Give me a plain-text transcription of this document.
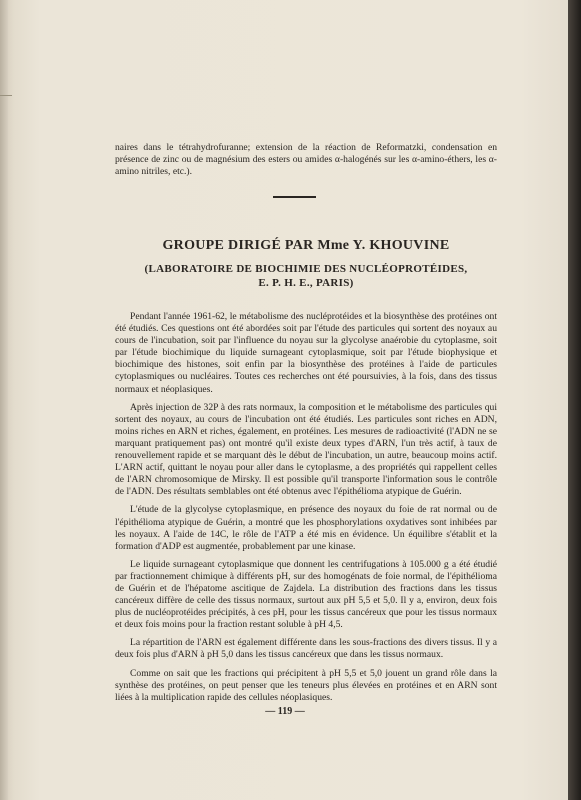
naires dans le tétrahydrofuranne; extension de la réaction de Reformatzki, condensation en présence de zinc ou de magnésium des esters ou amides α-halogénés sur les α-amino-éthers, les α-amino nitriles, etc.).

GROUPE DIRIGÉ PAR Mme Y. KHOUVINE
(LABORATOIRE DE BIOCHIMIE DES NUCLÉOPROTÉIDES,
E. P. H. E., PARIS)

Pendant l'année 1961-62, le métabolisme des nucléprotéides et la biosynthèse des protéines ont été étudiés. Ces questions ont été abordées soit par l'étude des particules qui sortent des noyaux au cours de l'incubation, soit par l'influence du noyau sur la glycolyse anaérobie du cytoplasme, soit par l'étude biochimique du liquide surnageant cytoplasmique, soit par l'étude biophysique et biochimique des histones, soit enfin par la biosynthèse des protéines à l'aide de particules cytoplasmiques ou nucléaires. Toutes ces recherches ont été poursuivies, à la fois, dans des tissus normaux et néoplasiques.

Après injection de 32P à des rats normaux, la composition et le métabolisme des particules qui sortent des noyaux, au cours de l'incubation ont été étudiés. Les particules sont riches en ADN, moins riches en ARN et riches, également, en protéines. Les mesures de radioactivité (l'ADN ne se marquant pratiquement pas) ont montré qu'il existe deux types d'ARN, l'un très actif, à taux de renouvellement rapide et se marquant dès le début de l'incubation, un autre, beaucoup moins actif. L'ARN actif, quittant le noyau pour aller dans le cytoplasme, a des propriétés qui rappellent celles de l'ARN chromosomique de Mirsky. Il est possible qu'il transporte l'information sous le contrôle de l'ADN. Des résultats semblables ont été obtenus avec l'épithélioma atypique de Guérin.

L'étude de la glycolyse cytoplasmique, en présence des noyaux du foie de rat normal ou de l'épithélioma atypique de Guérin, a montré que les phosphorylations oxydatives sont inhibées par les noyaux. A l'aide de 14C, le rôle de l'ATP a été mis en évidence. Un équilibre s'établit et la formation d'ADP est augmentée, probablement par une kinase.

Le liquide surnageant cytoplasmique que donnent les centrifugations à 105.000 g a été étudié par fractionnement chimique à différents pH, sur des homogénats de foie normal, de l'épithélioma de Guérin et de l'hépatome ascitique de Zajdela. La distribution des fractions dans les tissus cancéreux diffère de celle des tissus normaux, surtout aux pH 5,5 et 5,0. Il y a, environ, deux fois plus de nucléoprotéides précipités, à ces pH, pour les tissus cancéreux que pour les tissus normaux et deux fois moins pour la fraction restant soluble à pH 4,5.

La répartition de l'ARN est également différente dans les sous-fractions des divers tissus. Il y a deux fois plus d'ARN à pH 5,0 dans les tissus cancéreux que dans les tissus normaux.

Comme on sait que les fractions qui précipitent à pH 5,5 et 5,0 jouent un grand rôle dans la synthèse des protéines, on peut penser que les teneurs plus élevées en protéines et en ARN sont liées à la multiplication rapide des cellules néoplasiques.

— 119 —
